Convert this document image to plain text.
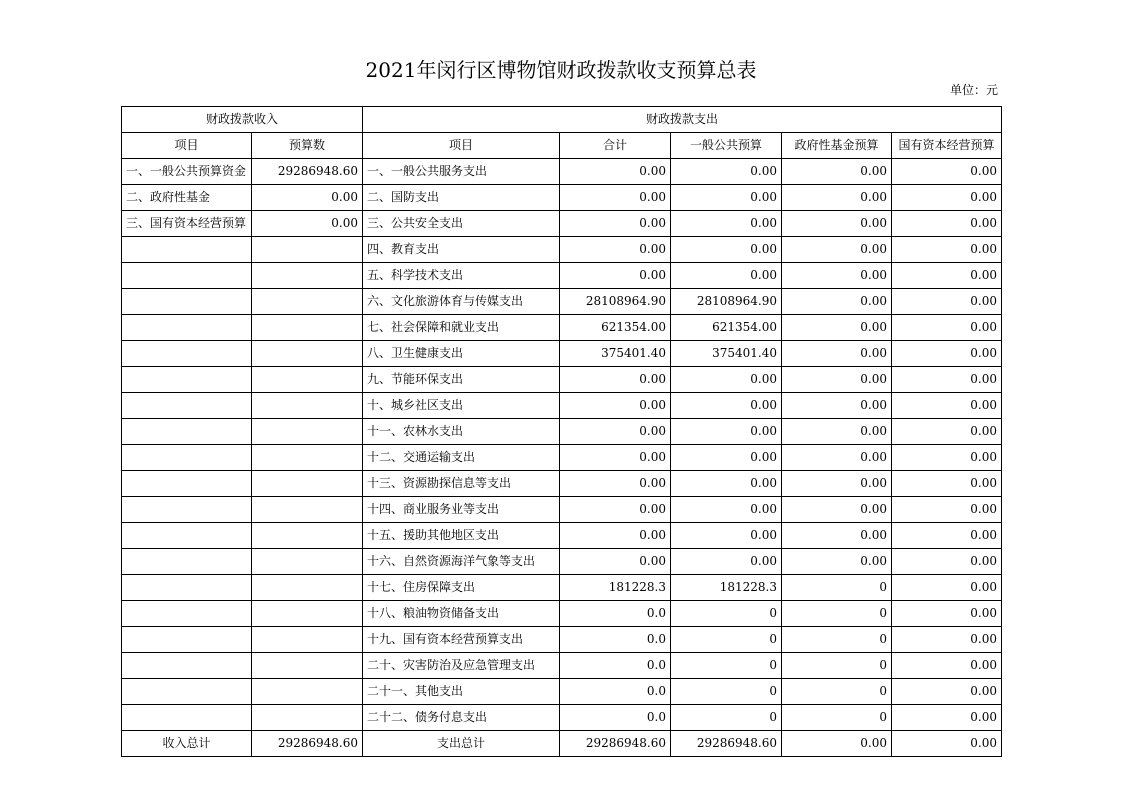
2021年闵行区博物馆财政拨款收支预算总表
单位：元
财政拨款收入		财政拨款支出				
项目	预算数	项目	合计	一般公共预算	政府性基金预算	国有资本经营预算
一、一般公共预算资金	29286948.60	一、一般公共服务支出	0.00	0.00	0.00	0.00
二、政府性基金	0.00	二、国防支出	0.00	0.00	0.00	0.00
三、国有资本经营预算	0.00	三、公共安全支出	0.00	0.00	0.00	0.00
		四、教育支出	0.00	0.00	0.00	0.00
		五、科学技术支出	0.00	0.00	0.00	0.00
		六、文化旅游体育与传媒支出	28108964.90	28108964.90	0.00	0.00
		七、社会保障和就业支出	621354.00	621354.00	0.00	0.00
		八、卫生健康支出	375401.40	375401.40	0.00	0.00
		九、节能环保支出	0.00	0.00	0.00	0.00
		十、城乡社区支出	0.00	0.00	0.00	0.00
		十一、农林水支出	0.00	0.00	0.00	0.00
		十二、交通运输支出	0.00	0.00	0.00	0.00
		十三、资源勘探信息等支出	0.00	0.00	0.00	0.00
		十四、商业服务业等支出	0.00	0.00	0.00	0.00
		十五、援助其他地区支出	0.00	0.00	0.00	0.00
		十六、自然资源海洋气象等支出	0.00	0.00	0.00	0.00
		十七、住房保障支出	181228.3	181228.3	0	0.00
		十八、粮油物资储备支出	0.0	0	0	0.00
		十九、国有资本经营预算支出	0.0	0	0	0.00
		二十、灾害防治及应急管理支出	0.0	0	0	0.00
		二十一、其他支出	0.0	0	0	0.00
		二十二、债务付息支出	0.0	0	0	0.00
收入总计	29286948.60	支出总计	29286948.60	29286948.60	0.00	0.00
